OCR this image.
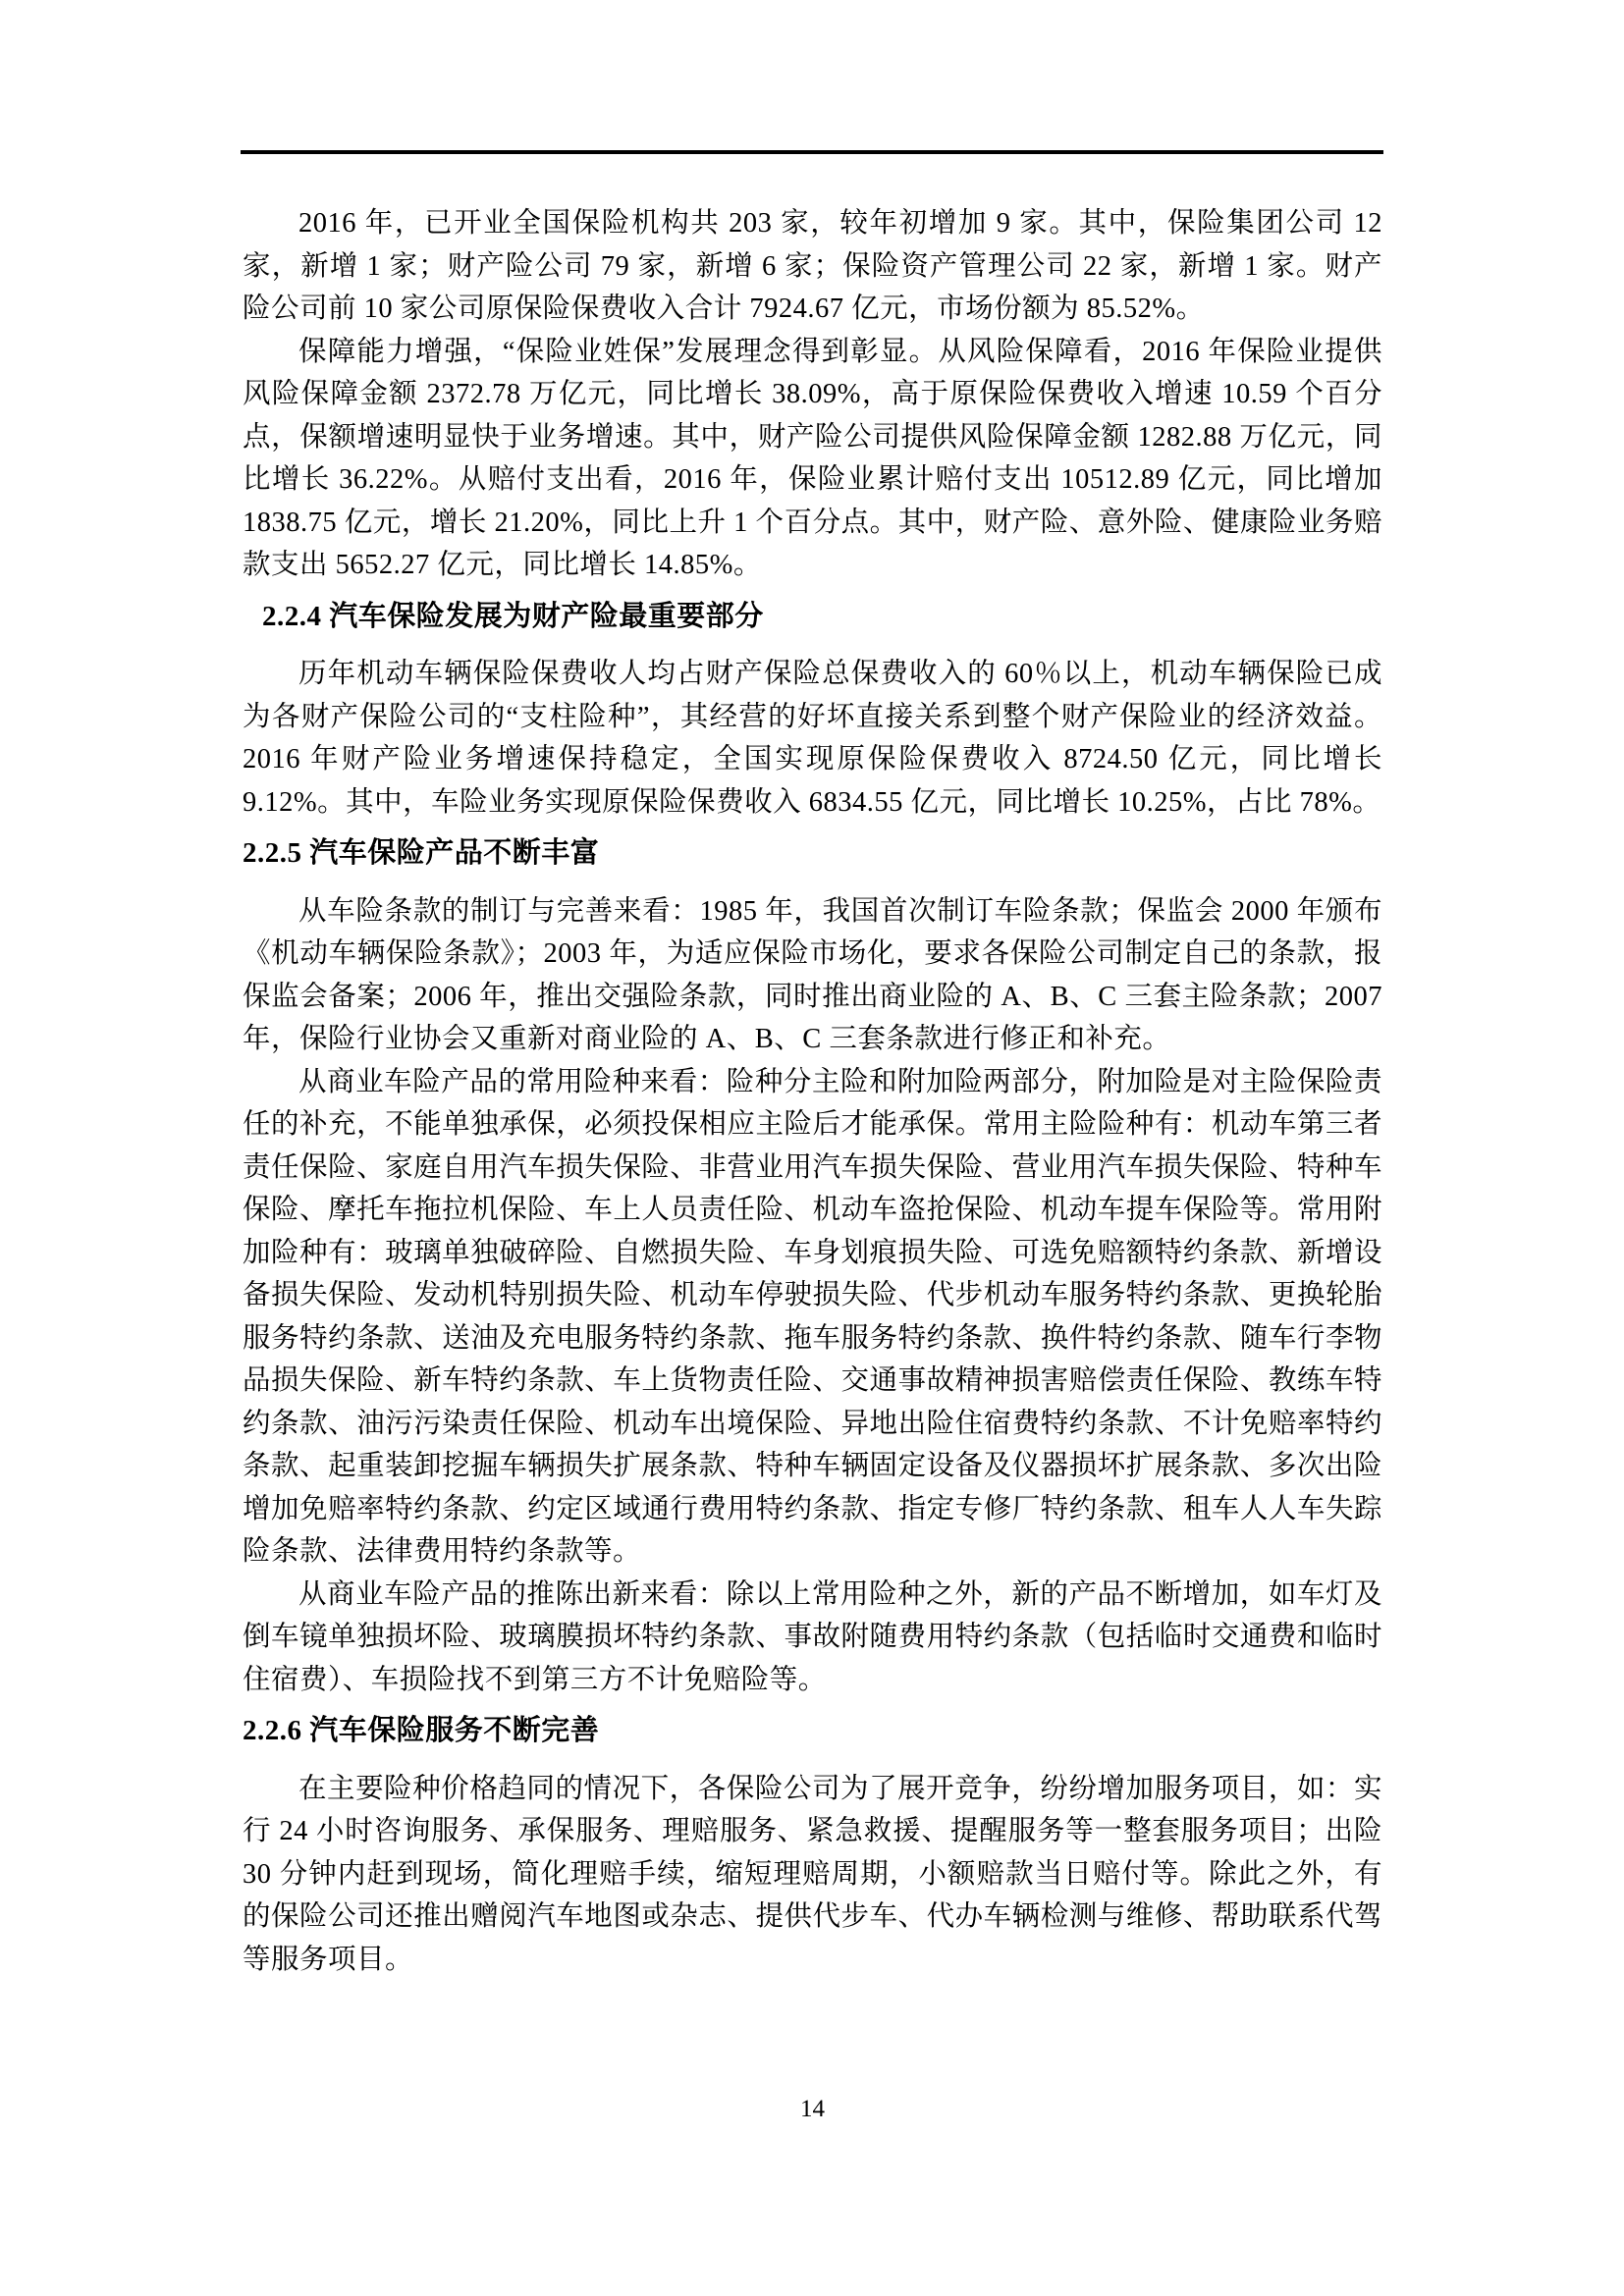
2016 年，已开业全国保险机构共 203 家，较年初增加 9 家。其中，保险集团公司 12 家，新增 1 家；财产险公司 79 家，新增 6 家；保险资产管理公司 22 家，新增 1 家。财产险公司前 10 家公司原保险保费收入合计 7924.67 亿元，市场份额为 85.52%。

保障能力增强，“保险业姓保”发展理念得到彰显。从风险保障看，2016 年保险业提供风险保障金额 2372.78 万亿元，同比增长 38.09%，高于原保险保费收入增速 10.59 个百分点，保额增速明显快于业务增速。其中，财产险公司提供风险保障金额 1282.88 万亿元，同比增长 36.22%。从赔付支出看，2016 年，保险业累计赔付支出 10512.89 亿元，同比增加 1838.75 亿元，增长 21.20%，同比上升 1 个百分点。其中，财产险、意外险、健康险业务赔款支出 5652.27 亿元，同比增长 14.85%。

2.2.4 汽车保险发展为财产险最重要部分

历年机动车辆保险保费收人均占财产保险总保费收入的 60％以上，机动车辆保险已成为各财产保险公司的“支柱险种”，其经营的好坏直接关系到整个财产保险业的经济效益。2016 年财产险业务增速保持稳定，全国实现原保险保费收入 8724.50 亿元，同比增长 9.12%。其中，车险业务实现原保险保费收入 6834.55 亿元，同比增长 10.25%，占比 78%。

2.2.5 汽车保险产品不断丰富

从车险条款的制订与完善来看：1985 年，我国首次制订车险条款；保监会 2000 年颁布《机动车辆保险条款》；2003 年，为适应保险市场化，要求各保险公司制定自己的条款，报保监会备案；2006 年，推出交强险条款，同时推出商业险的 A、B、C 三套主险条款；2007 年，保险行业协会又重新对商业险的 A、B、C 三套条款进行修正和补充。

从商业车险产品的常用险种来看：险种分主险和附加险两部分，附加险是对主险保险责任的补充，不能单独承保，必须投保相应主险后才能承保。常用主险险种有：机动车第三者责任保险、家庭自用汽车损失保险、非营业用汽车损失保险、营业用汽车损失保险、特种车保险、摩托车拖拉机保险、车上人员责任险、机动车盗抢保险、机动车提车保险等。常用附加险种有：玻璃单独破碎险、自燃损失险、车身划痕损失险、可选免赔额特约条款、新增设备损失保险、发动机特别损失险、机动车停驶损失险、代步机动车服务特约条款、更换轮胎服务特约条款、送油及充电服务特约条款、拖车服务特约条款、换件特约条款、随车行李物品损失保险、新车特约条款、车上货物责任险、交通事故精神损害赔偿责任保险、教练车特约条款、油污污染责任保险、机动车出境保险、异地出险住宿费特约条款、不计免赔率特约条款、起重装卸挖掘车辆损失扩展条款、特种车辆固定设备及仪器损坏扩展条款、多次出险增加免赔率特约条款、约定区域通行费用特约条款、指定专修厂特约条款、租车人人车失踪险条款、法律费用特约条款等。

从商业车险产品的推陈出新来看：除以上常用险种之外，新的产品不断增加，如车灯及倒车镜单独损坏险、玻璃膜损坏特约条款、事故附随费用特约条款（包括临时交通费和临时住宿费）、车损险找不到第三方不计免赔险等。

2.2.6 汽车保险服务不断完善

在主要险种价格趋同的情况下，各保险公司为了展开竞争，纷纷增加服务项目，如：实行 24 小时咨询服务、承保服务、理赔服务、紧急救援、提醒服务等一整套服务项目；出险 30 分钟内赶到现场，简化理赔手续，缩短理赔周期，小额赔款当日赔付等。除此之外，有的保险公司还推出赠阅汽车地图或杂志、提供代步车、代办车辆检测与维修、帮助联系代驾等服务项目。

14
